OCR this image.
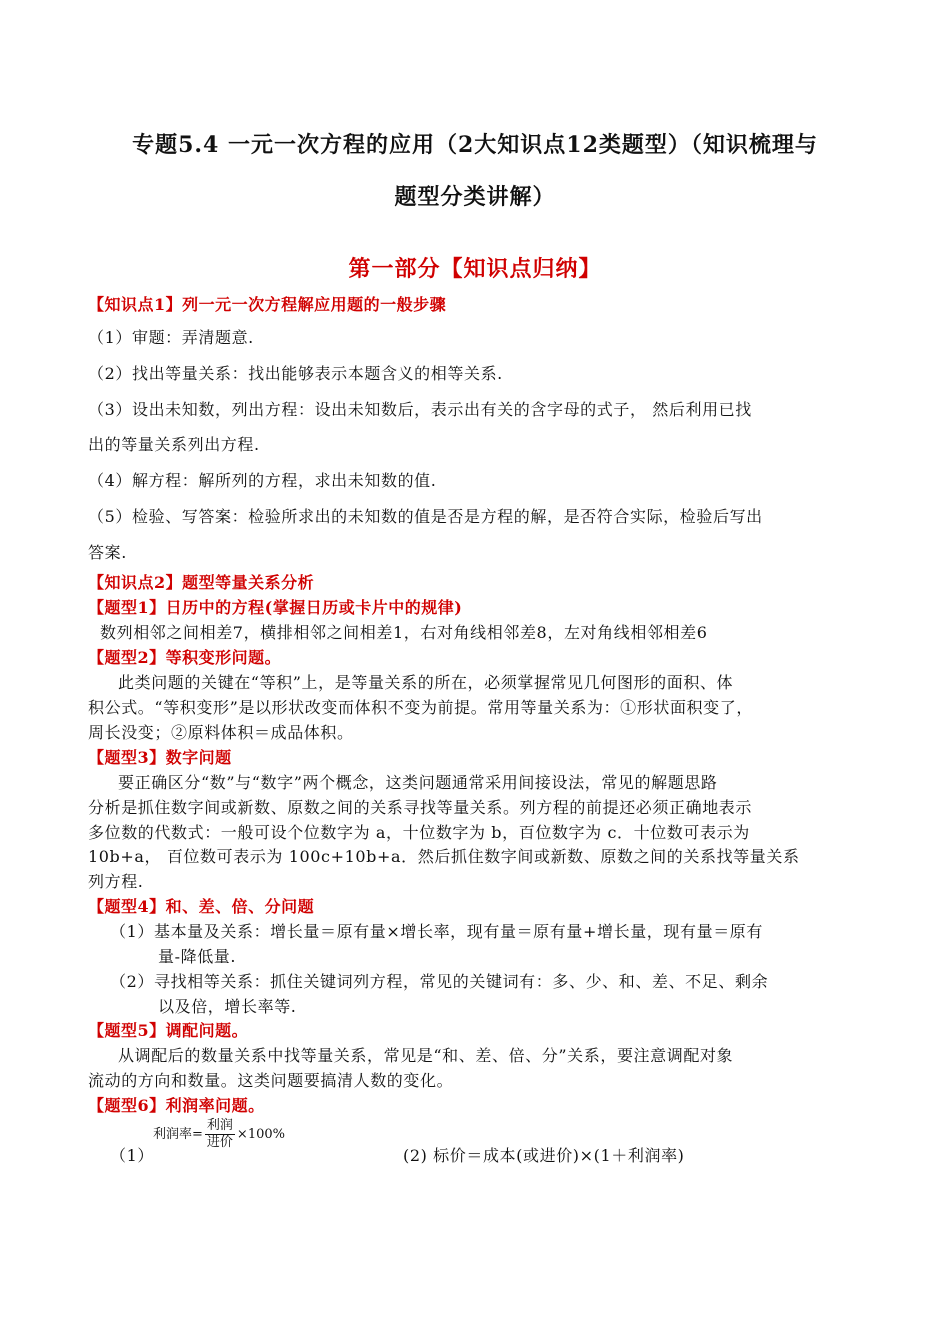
专题5.4 一元一次方程的应用（2大知识点12类题型）（知识梳理与
题型分类讲解）
第一部分【知识点归纳】
【知识点1】列一元一次方程解应用题的一般步骤
（1）审题：弄清题意.
（2）找出等量关系：找出能够表示本题含义的相等关系.
（3）设出未知数，列出方程：设出未知数后，表示出有关的含字母的式子， 然后利用已找
出的等量关系列出方程.
（4）解方程：解所列的方程，求出未知数的值.
（5）检验、写答案：检验所求出的未知数的值是否是方程的解，是否符合实际，检验后写出
答案.
【知识点2】题型等量关系分析
【题型1】日历中的方程(掌握日历或卡片中的规律)
数列相邻之间相差7，横排相邻之间相差1，右对角线相邻差8，左对角线相邻相差6
【题型2】等积变形问题。
此类问题的关键在“等积”上，是等量关系的所在，必须掌握常见几何图形的面积、体
积公式。“等积变形”是以形状改变而体积不变为前提。常用等量关系为：①形状面积变了，
周长没变；②原料体积＝成品体积。
【题型3】数字问题
要正确区分“数”与“数字”两个概念，这类问题通常采用间接设法，常见的解题思路
分析是抓住数字间或新数、原数之间的关系寻找等量关系。列方程的前提还必须正确地表示
多位数的代数式：一般可设个位数字为 a，十位数字为 b，百位数字为 c．十位数可表示为
10b+a， 百位数可表示为 100c+10b+a．然后抓住数字间或新数、原数之间的关系找等量关系
列方程.
【题型4】和、差、倍、分问题
（1）基本量及关系：增长量＝原有量×增长率，现有量＝原有量+增长量，现有量＝原有
量-降低量.
（2）寻找相等关系：抓住关键词列方程，常见的关键词有：多、少、和、差、不足、剩余
以及倍，增长率等.
【题型5】调配问题。
从调配后的数量关系中找等量关系，常见是“和、差、倍、分”关系，要注意调配对象
流动的方向和数量。这类问题要搞清人数的变化。
【题型6】利润率问题。
（1）
利润率= $\frac{\text{利润}}{\text{进价}} \times 100\%$
(2) 标价＝成本(或进价)×(1＋利润率)
